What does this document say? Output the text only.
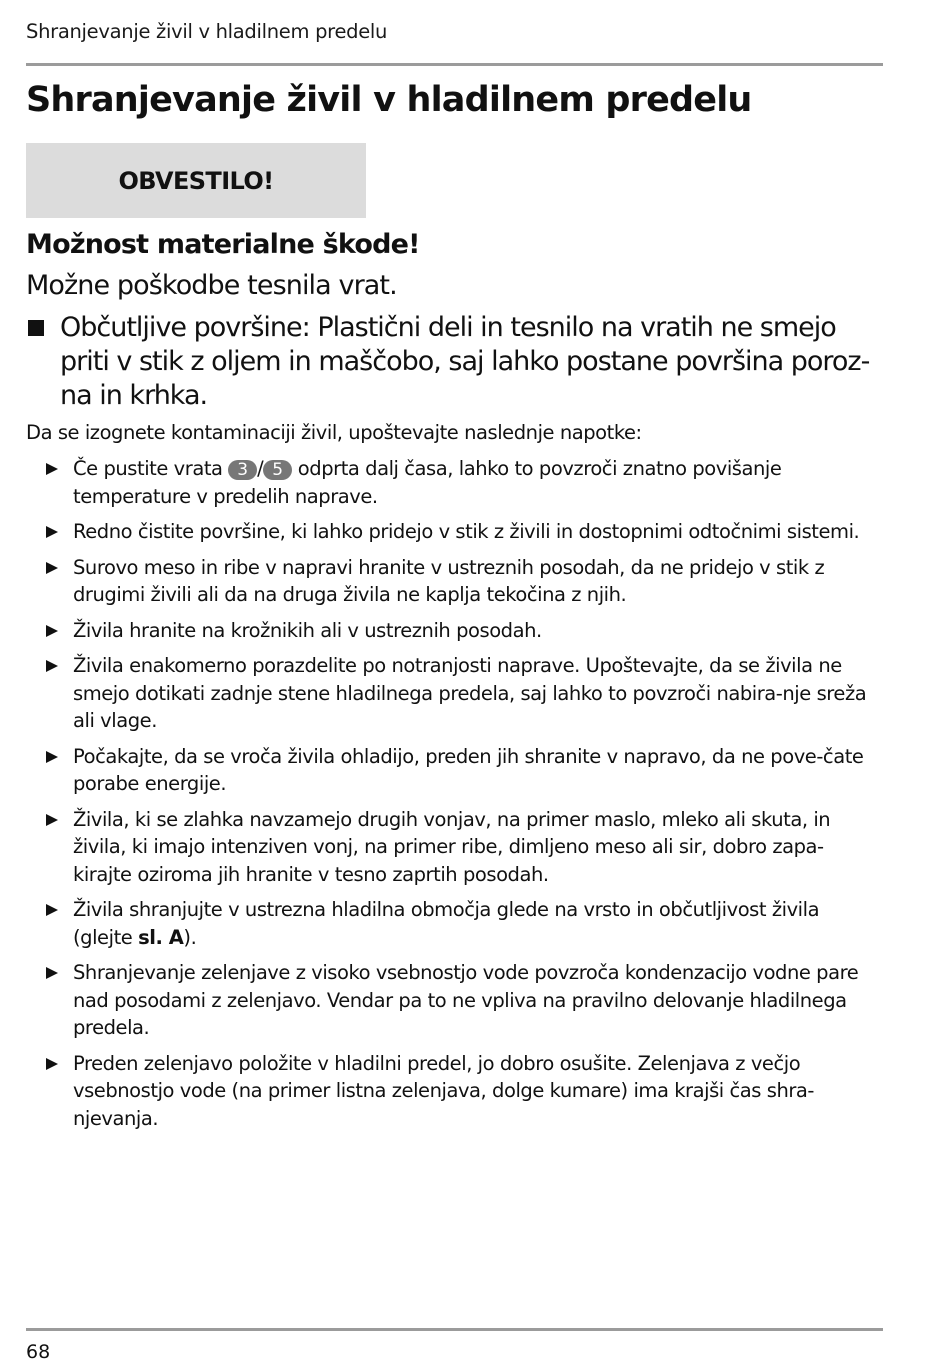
Shranjevanje živil v hladilnem predelu
Shranjevanje živil v hladilnem predelu
OBVESTILO!
Možnost materialne škode!
Možne poškodbe tesnila vrat.
Občutljive površine: Plastični deli in tesnilo na vratih ne smejo priti v stik z oljem in maščobo, saj lahko postane površina poroz-na in krhka.
Da se izognete kontaminaciji živil, upoštevajte naslednje napotke:
Če pustite vrata 3 / 5 odprta dalj časa, lahko to povzroči znatno povišanje temperature v predelih naprave.
Redno čistite površine, ki lahko pridejo v stik z živili in dostopnimi odtočnimi sistemi.
Surovo meso in ribe v napravi hranite v ustreznih posodah, da ne pridejo v stik z drugimi živili ali da na druga živila ne kaplja tekočina z njih.
Živila hranite na krožnikih ali v ustreznih posodah.
Živila enakomerno porazdelite po notranjosti naprave. Upoštevajte, da se živila ne smejo dotikati zadnje stene hladilnega predela, saj lahko to povzroči nabira-nje sreža ali vlage.
Počakajte, da se vroča živila ohladijo, preden jih shranite v napravo, da ne pove-čate porabe energije.
Živila, ki se zlahka navzamejo drugih vonjav, na primer maslo, mleko ali skuta, in živila, ki imajo intenziven vonj, na primer ribe, dimljeno meso ali sir, dobro zapa-kirajte oziroma jih hranite v tesno zaprtih posodah.
Živila shranjujte v ustrezna hladilna območja glede na vrsto in občutljivost živila (glejte sl. A).
Shranjevanje zelenjave z visoko vsebnostjo vode povzroča kondenzacijo vodne pare nad posodami z zelenjavo. Vendar pa to ne vpliva na pravilno delovanje hladilnega predela.
Preden zelenjavo položite v hladilni predel, jo dobro osušite. Zelenjava z večjo vsebnostjo vode (na primer listna zelenjava, dolge kumare) ima krajši čas shra-njevanja.
68
